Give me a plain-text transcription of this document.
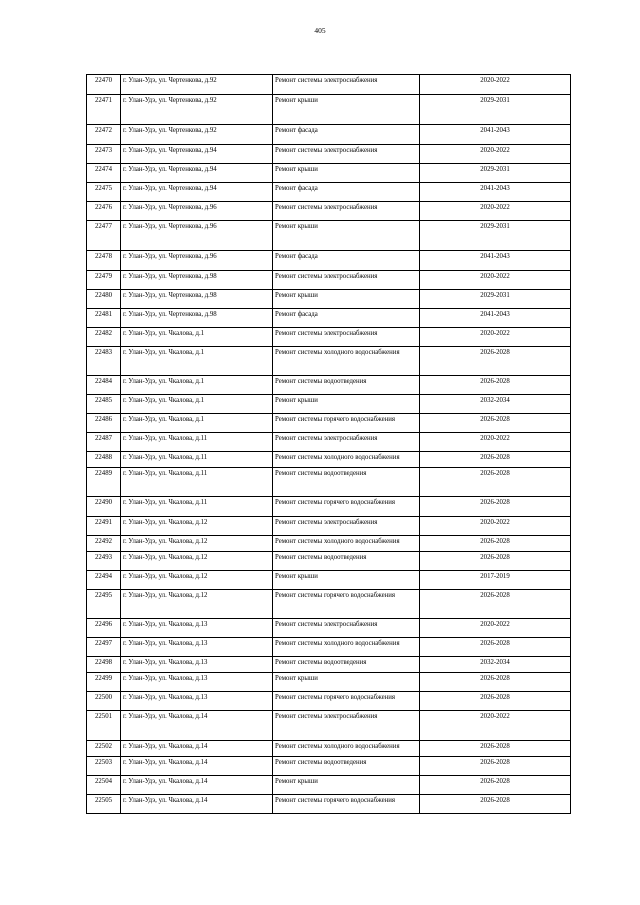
405
22470	г. Улан-Удэ, ул. Чертенкова, д.92	Ремонт системы электроснабжения	2020-2022
22471	г. Улан-Удэ, ул. Чертенкова, д.92	Ремонт крыши	2029-2031
22472	г. Улан-Удэ, ул. Чертенкова, д.92	Ремонт фасада	2041-2043
22473	г. Улан-Удэ, ул. Чертенкова, д.94	Ремонт системы электроснабжения	2020-2022
22474	г. Улан-Удэ, ул. Чертенкова, д.94	Ремонт крыши	2029-2031
22475	г. Улан-Удэ, ул. Чертенкова, д.94	Ремонт фасада	2041-2043
22476	г. Улан-Удэ, ул. Чертенкова, д.96	Ремонт системы электроснабжения	2020-2022
22477	г. Улан-Удэ, ул. Чертенкова, д.96	Ремонт крыши	2029-2031
22478	г. Улан-Удэ, ул. Чертенкова, д.96	Ремонт фасада	2041-2043
22479	г. Улан-Удэ, ул. Чертенкова, д.98	Ремонт системы электроснабжения	2020-2022
22480	г. Улан-Удэ, ул. Чертенкова, д.98	Ремонт крыши	2029-2031
22481	г. Улан-Удэ, ул. Чертенкова, д.98	Ремонт фасада	2041-2043
22482	г. Улан-Удэ, ул. Чкалова, д.1	Ремонт системы электроснабжения	2020-2022
22483	г. Улан-Удэ, ул. Чкалова, д.1	Ремонт системы холодного водоснабжения	2026-2028
22484	г. Улан-Удэ, ул. Чкалова, д.1	Ремонт системы водоотведения	2026-2028
22485	г. Улан-Удэ, ул. Чкалова, д.1	Ремонт крыши	2032-2034
22486	г. Улан-Удэ, ул. Чкалова, д.1	Ремонт системы горячего водоснабжения	2026-2028
22487	г. Улан-Удэ, ул. Чкалова, д.11	Ремонт системы электроснабжения	2020-2022
22488	г. Улан-Удэ, ул. Чкалова, д.11	Ремонт системы холодного водоснабжения	2026-2028
22489	г. Улан-Удэ, ул. Чкалова, д.11	Ремонт системы водоотведения	2026-2028
22490	г. Улан-Удэ, ул. Чкалова, д.11	Ремонт системы горячего водоснабжения	2026-2028
22491	г. Улан-Удэ, ул. Чкалова, д.12	Ремонт системы электроснабжения	2020-2022
22492	г. Улан-Удэ, ул. Чкалова, д.12	Ремонт системы холодного водоснабжения	2026-2028
22493	г. Улан-Удэ, ул. Чкалова, д.12	Ремонт системы водоотведения	2026-2028
22494	г. Улан-Удэ, ул. Чкалова, д.12	Ремонт крыши	2017-2019
22495	г. Улан-Удэ, ул. Чкалова, д.12	Ремонт системы горячего водоснабжения	2026-2028
22496	г. Улан-Удэ, ул. Чкалова, д.13	Ремонт системы электроснабжения	2020-2022
22497	г. Улан-Удэ, ул. Чкалова, д.13	Ремонт системы холодного водоснабжения	2026-2028
22498	г. Улан-Удэ, ул. Чкалова, д.13	Ремонт системы водоотведения	2032-2034
22499	г. Улан-Удэ, ул. Чкалова, д.13	Ремонт крыши	2026-2028
22500	г. Улан-Удэ, ул. Чкалова, д.13	Ремонт системы горячего водоснабжения	2026-2028
22501	г. Улан-Удэ, ул. Чкалова, д.14	Ремонт системы электроснабжения	2020-2022
22502	г. Улан-Удэ, ул. Чкалова, д.14	Ремонт системы холодного водоснабжения	2026-2028
22503	г. Улан-Удэ, ул. Чкалова, д.14	Ремонт системы водоотведения	2026-2028
22504	г. Улан-Удэ, ул. Чкалова, д.14	Ремонт крыши	2026-2028
22505	г. Улан-Удэ, ул. Чкалова, д.14	Ремонт системы горячего водоснабжения	2026-2028
